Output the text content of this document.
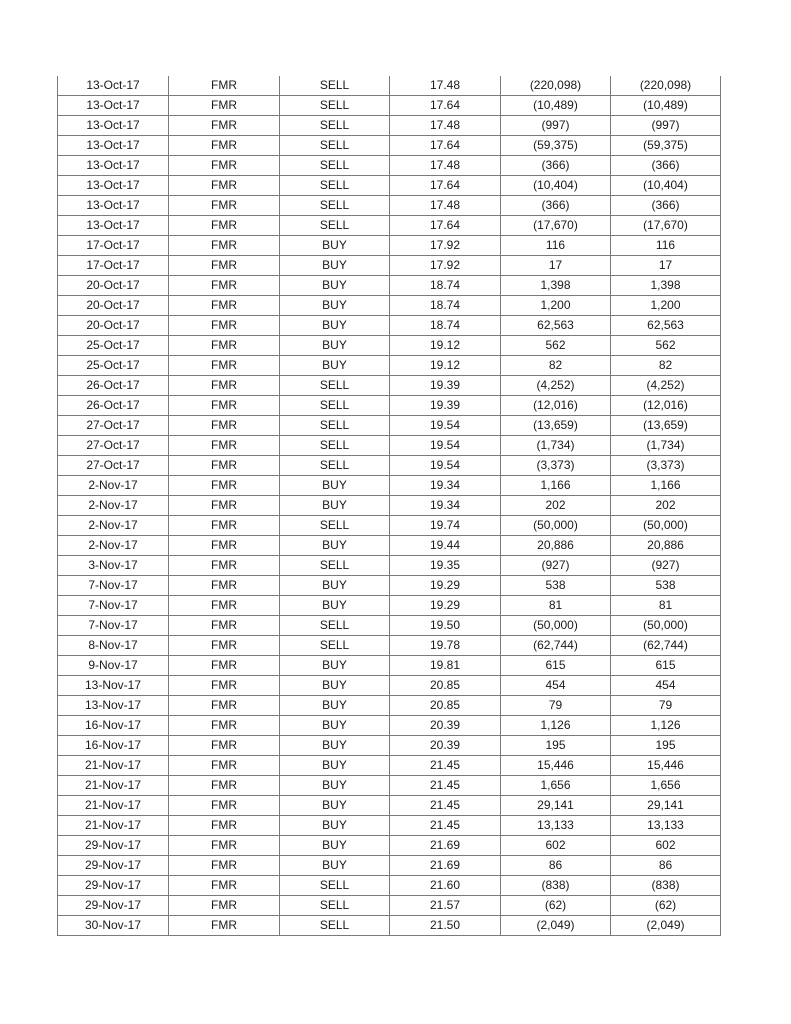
13-Oct-17	FMR	SELL	17.48	(220,098)	(220,098)
13-Oct-17	FMR	SELL	17.64	(10,489)	(10,489)
13-Oct-17	FMR	SELL	17.48	(997)	(997)
13-Oct-17	FMR	SELL	17.64	(59,375)	(59,375)
13-Oct-17	FMR	SELL	17.48	(366)	(366)
13-Oct-17	FMR	SELL	17.64	(10,404)	(10,404)
13-Oct-17	FMR	SELL	17.48	(366)	(366)
13-Oct-17	FMR	SELL	17.64	(17,670)	(17,670)
17-Oct-17	FMR	BUY	17.92	116	116
17-Oct-17	FMR	BUY	17.92	17	17
20-Oct-17	FMR	BUY	18.74	1,398	1,398
20-Oct-17	FMR	BUY	18.74	1,200	1,200
20-Oct-17	FMR	BUY	18.74	62,563	62,563
25-Oct-17	FMR	BUY	19.12	562	562
25-Oct-17	FMR	BUY	19.12	82	82
26-Oct-17	FMR	SELL	19.39	(4,252)	(4,252)
26-Oct-17	FMR	SELL	19.39	(12,016)	(12,016)
27-Oct-17	FMR	SELL	19.54	(13,659)	(13,659)
27-Oct-17	FMR	SELL	19.54	(1,734)	(1,734)
27-Oct-17	FMR	SELL	19.54	(3,373)	(3,373)
2-Nov-17	FMR	BUY	19.34	1,166	1,166
2-Nov-17	FMR	BUY	19.34	202	202
2-Nov-17	FMR	SELL	19.74	(50,000)	(50,000)
2-Nov-17	FMR	BUY	19.44	20,886	20,886
3-Nov-17	FMR	SELL	19.35	(927)	(927)
7-Nov-17	FMR	BUY	19.29	538	538
7-Nov-17	FMR	BUY	19.29	81	81
7-Nov-17	FMR	SELL	19.50	(50,000)	(50,000)
8-Nov-17	FMR	SELL	19.78	(62,744)	(62,744)
9-Nov-17	FMR	BUY	19.81	615	615
13-Nov-17	FMR	BUY	20.85	454	454
13-Nov-17	FMR	BUY	20.85	79	79
16-Nov-17	FMR	BUY	20.39	1,126	1,126
16-Nov-17	FMR	BUY	20.39	195	195
21-Nov-17	FMR	BUY	21.45	15,446	15,446
21-Nov-17	FMR	BUY	21.45	1,656	1,656
21-Nov-17	FMR	BUY	21.45	29,141	29,141
21-Nov-17	FMR	BUY	21.45	13,133	13,133
29-Nov-17	FMR	BUY	21.69	602	602
29-Nov-17	FMR	BUY	21.69	86	86
29-Nov-17	FMR	SELL	21.60	(838)	(838)
29-Nov-17	FMR	SELL	21.57	(62)	(62)
30-Nov-17	FMR	SELL	21.50	(2,049)	(2,049)
